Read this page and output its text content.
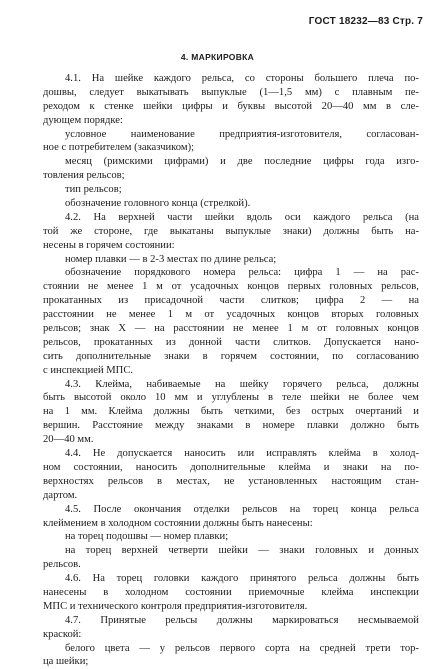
ГОСТ 18232—83 Стр. 7
4. МАРКИРОВКА
4.1. На шейке каждого рельса, со стороны большего плеча по-
дошвы, следует выкатывать выпуклые (1—1,5 мм) с плавным пе-
реходом к стенке шейки цифры и буквы высотой 20—40 мм в сле-
дующем порядке:
условное наименование предприятия-изготовителя, согласован-
ное с потребителем (заказчиком);
месяц (римскими цифрами) и две последние цифры года изго-
товления рельсов;
тип рельсов;
обозначение головного конца (стрелкой).
4.2. На верхней части шейки вдоль оси каждого рельса (на
той же стороне, где выкатаны выпуклые знаки) должны быть на-
несены в горячем состоянии:
номер плавки — в 2-3 местах по длине рельса;
обозначение порядкового номера рельса: цифра 1 — на рас-
стоянии не менее 1 м от усадочных концов первых головных рельсов,
прокатанных из присадочной части слитков; цифра 2 — на
расстоянии не менее 1 м от усадочных концов вторых головных
рельсов; знак Х — на расстоянии не менее 1 м от головных концов
рельсов, прокатанных из донной части слитков. Допускается нано-
сить дополнительные знаки в горячем состоянии, по согласованию
с инспекцией МПС.
4.3. Клейма, набиваемые на шейку горячего рельса, должны
быть высотой около 10 мм и углублены в теле шейки не более чем
на 1 мм. Клейма должны быть четкими, без острых очертаний и
вершин. Расстояние между знаками в номере плавки должно быть
20—40 мм.
4.4. Не допускается наносить или исправлять клейма в холод-
ном состоянии, наносить дополнительные клейма и знаки на по-
верхностях рельсов в местах, не установленных настоящим стан-
дартом.
4.5. После окончания отделки рельсов на торец конца рельса
клеймением в холодном состоянии должны быть нанесены:
на торец подошвы — номер плавки;
на торец верхней четверти шейки — знаки головных и донных
рельсов.
4.6. На торец головки каждого принятого рельса должны быть
нанесены в холодном состоянии приемочные клейма инспекции
МПС и технического контроля предприятия-изготовителя.
4.7. Принятые рельсы должны маркироваться несмываемой
краской:
белого цвета — у рельсов первого сорта на средней трети тор-
ца шейки;
